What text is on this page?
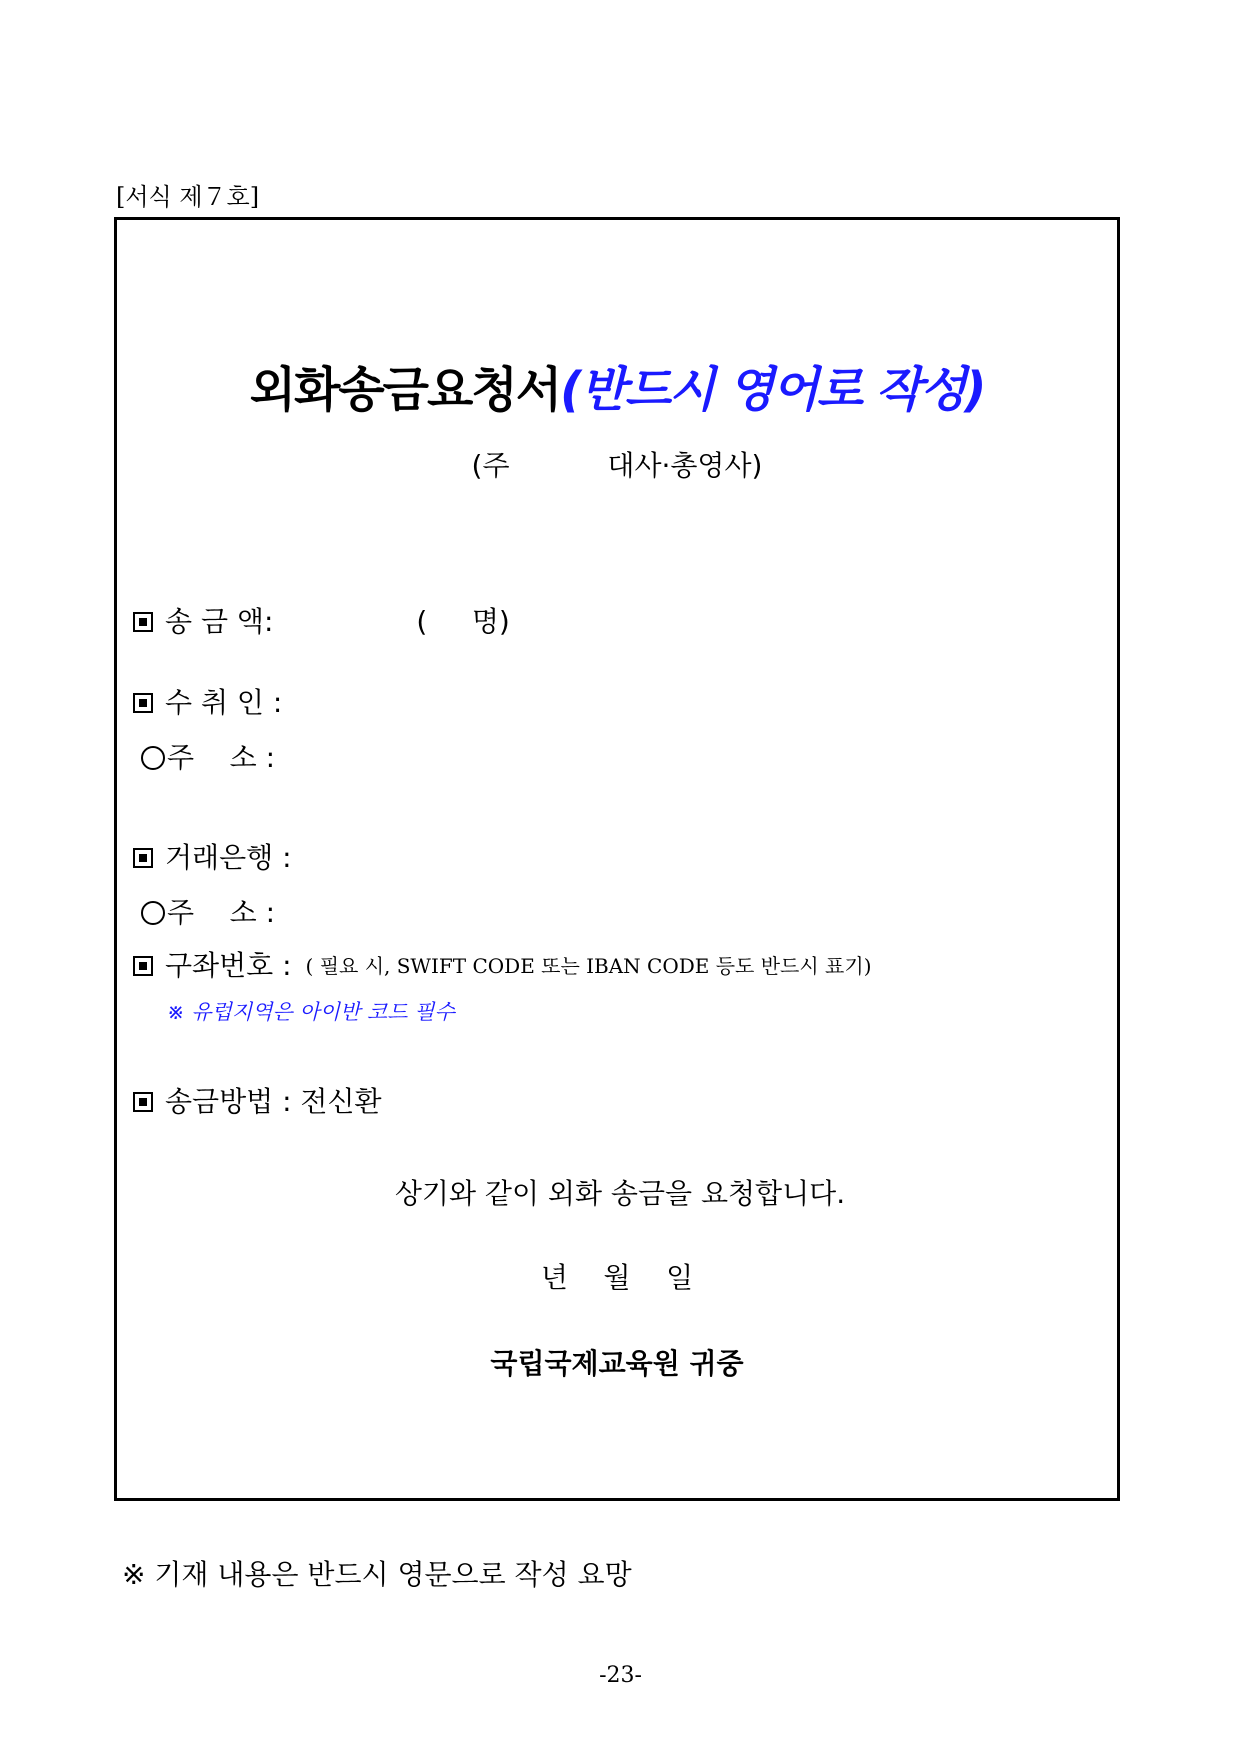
[서식 제７호]
외화송금요청서(반드시 영어로 작성)
(주           대사·총영사)
송 금 액:	(     명)
수 취 인 :
주    소 :
거래은행 :
주    소 :
구좌번호 : ( 필요 시, SWIFT CODE 또는 IBAN CODE 등도 반드시 표기)
※ 유럽지역은 아이반 코드 필수
송금방법 : 전신환
상기와 같이 외화 송금을 요청합니다.
년    월    일
국립국제교육원 귀중
※ 기재 내용은 반드시 영문으로 작성 요망
-23-
